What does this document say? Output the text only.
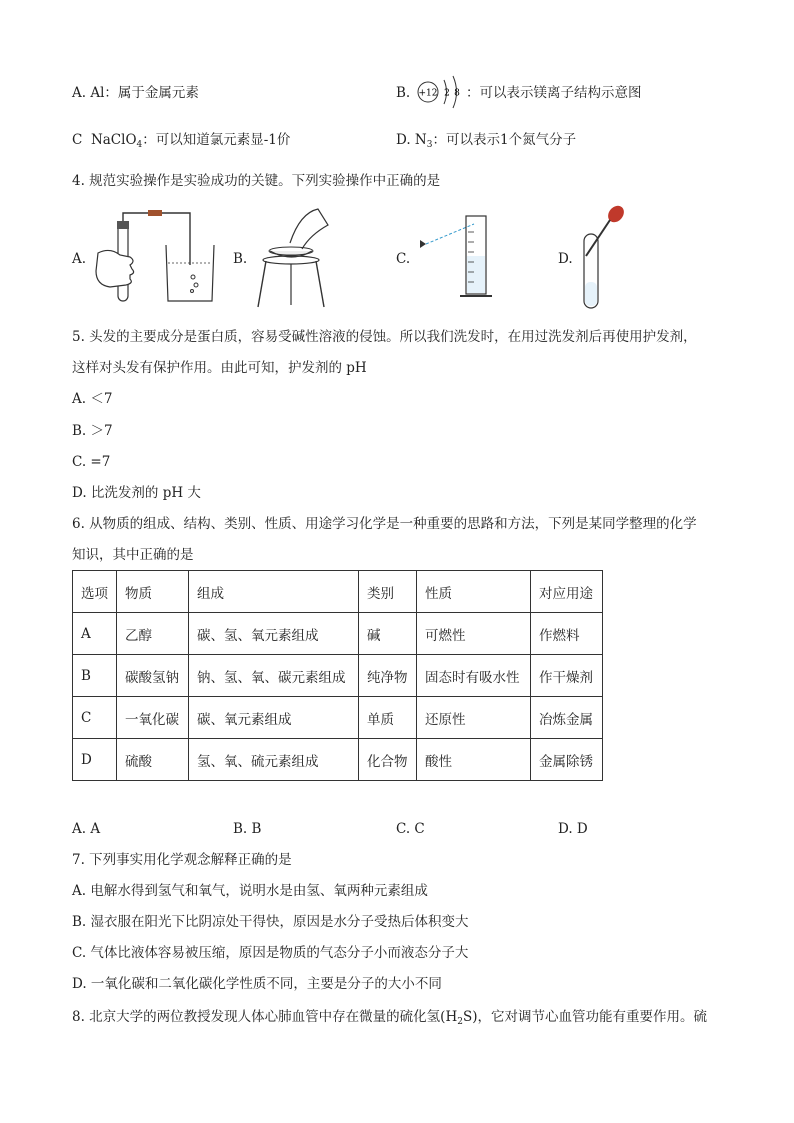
A. Al：属于金属元素	B. +12 2 8 ：可以表示镁离子结构示意图
C NaClO$_4$：可以知道氯元素显-1价	D. $N_3$：可以表示1个氮气分子
4. 规范实验操作是实验成功的关键。下列实验操作中正确的是
A.	B.	C.	D.
5. 头发的主要成分是蛋白质，容易受碱性溶液的侵蚀。所以我们洗发时，在用过洗发剂后再使用护发剂，
这样对头发有保护作用。由此可知，护发剂的 pH
A. ＜7
B. ＞7
C. =7
D. 比洗发剂的 pH 大
6. 从物质的组成、结构、类别、性质、用途学习化学是一种重要的思路和方法，下列是某同学整理的化学
知识，其中正确的是
选项	物质	组成	类别	性质	对应用途
A	乙醇	碳、氢、氧元素组成	碱	可燃性	作燃料
B	碳酸氢钠	钠、氢、氧、碳元素组成	纯净物	固态时有吸水性	作干燥剂
C	一氧化碳	碳、氧元素组成	单质	还原性	冶炼金属
D	硫酸	氢、氧、硫元素组成	化合物	酸性	金属除锈
A. A	B. B	C. C	D. D
7. 下列事实用化学观念解释正确的是
A. 电解水得到氢气和氧气，说明水是由氢、氧两种元素组成
B. 湿衣服在阳光下比阴凉处干得快，原因是水分子受热后体积变大
C. 气体比液体容易被压缩，原因是物质的气态分子小而液态分子大
D. 一氧化碳和二氧化碳化学性质不同，主要是分子的大小不同
8. 北京大学的两位教授发现人体心肺血管中存在微量的硫化氢$(H_2S)$，它对调节心血管功能有重要作用。硫
